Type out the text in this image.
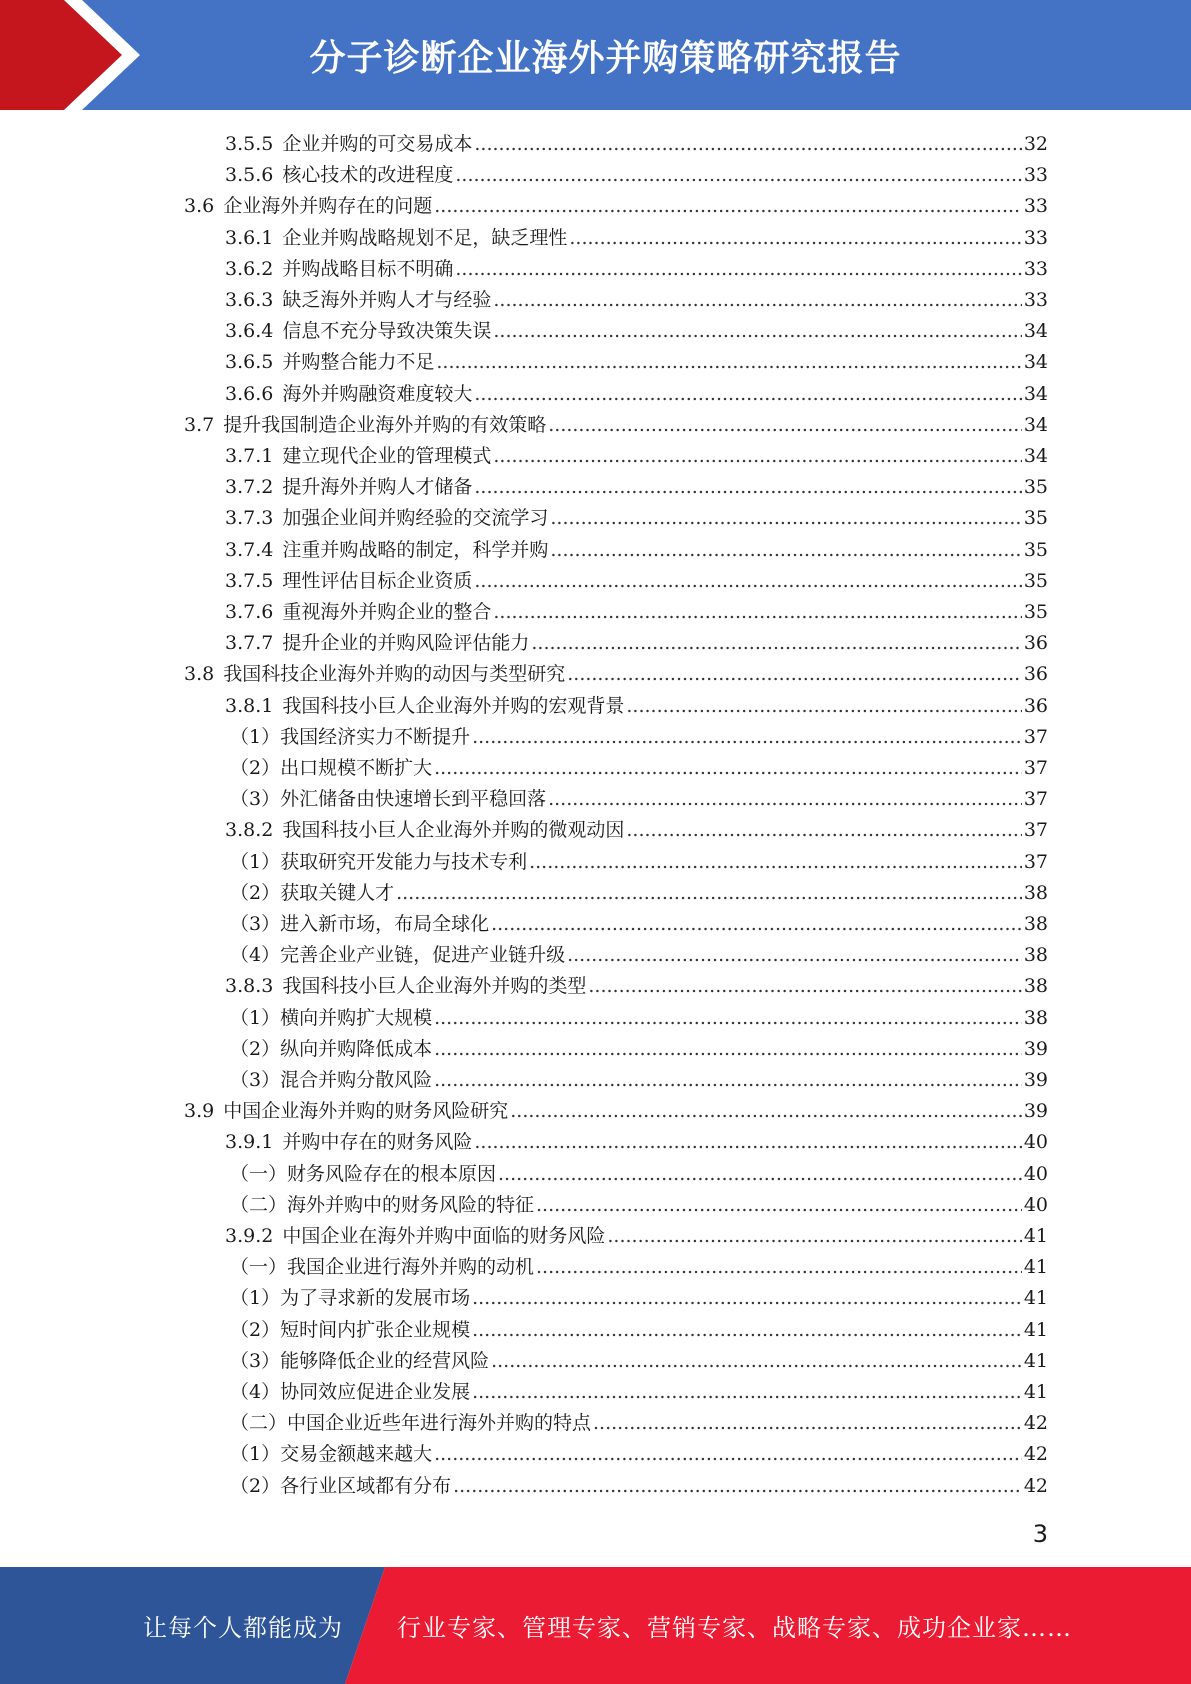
分子诊断企业海外并购策略研究报告
3.5.5 企业并购的可交易成本 .....	32
3.5.6 核心技术的改进程度 .....	33
3.6 企业海外并购存在的问题 .....	33
3.6.1 企业并购战略规划不足，缺乏理性 .....	33
3.6.2 并购战略目标不明确 .....	33
3.6.3 缺乏海外并购人才与经验 .....	33
3.6.4 信息不充分导致决策失误 .....	34
3.6.5 并购整合能力不足 .....	34
3.6.6 海外并购融资难度较大 .....	34
3.7 提升我国制造企业海外并购的有效策略 .....	34
3.7.1 建立现代企业的管理模式 .....	34
3.7.2 提升海外并购人才储备 .....	35
3.7.3 加强企业间并购经验的交流学习 .....	35
3.7.4 注重并购战略的制定，科学并购 .....	35
3.7.5 理性评估目标企业资质 .....	35
3.7.6 重视海外并购企业的整合 .....	35
3.7.7 提升企业的并购风险评估能力 .....	36
3.8 我国科技企业海外并购的动因与类型研究 .....	36
3.8.1 我国科技小巨人企业海外并购的宏观背景 .....	36
（1）我国经济实力不断提升 .....	37
（2）出口规模不断扩大 .....	37
（3）外汇储备由快速增长到平稳回落 .....	37
3.8.2 我国科技小巨人企业海外并购的微观动因 .....	37
（1）获取研究开发能力与技术专利 .....	37
（2）获取关键人才 .....	38
（3）进入新市场，布局全球化 .....	38
（4）完善企业产业链，促进产业链升级 .....	38
3.8.3 我国科技小巨人企业海外并购的类型 .....	38
（1）横向并购扩大规模 .....	38
（2）纵向并购降低成本 .....	39
（3）混合并购分散风险 .....	39
3.9 中国企业海外并购的财务风险研究 .....	39
3.9.1 并购中存在的财务风险 .....	40
（一）财务风险存在的根本原因 .....	40
（二）海外并购中的财务风险的特征 .....	40
3.9.2 中国企业在海外并购中面临的财务风险 .....	41
（一）我国企业进行海外并购的动机 .....	41
（1）为了寻求新的发展市场 .....	41
（2）短时间内扩张企业规模 .....	41
（3）能够降低企业的经营风险 .....	41
（4）协同效应促进企业发展 .....	41
（二）中国企业近些年进行海外并购的特点 .....	42
（1）交易金额越来越大 .....	42
（2）各行业区域都有分布 .....	42
3
让每个人都能成为 行业专家、管理专家、营销专家、战略专家、成功企业家……
